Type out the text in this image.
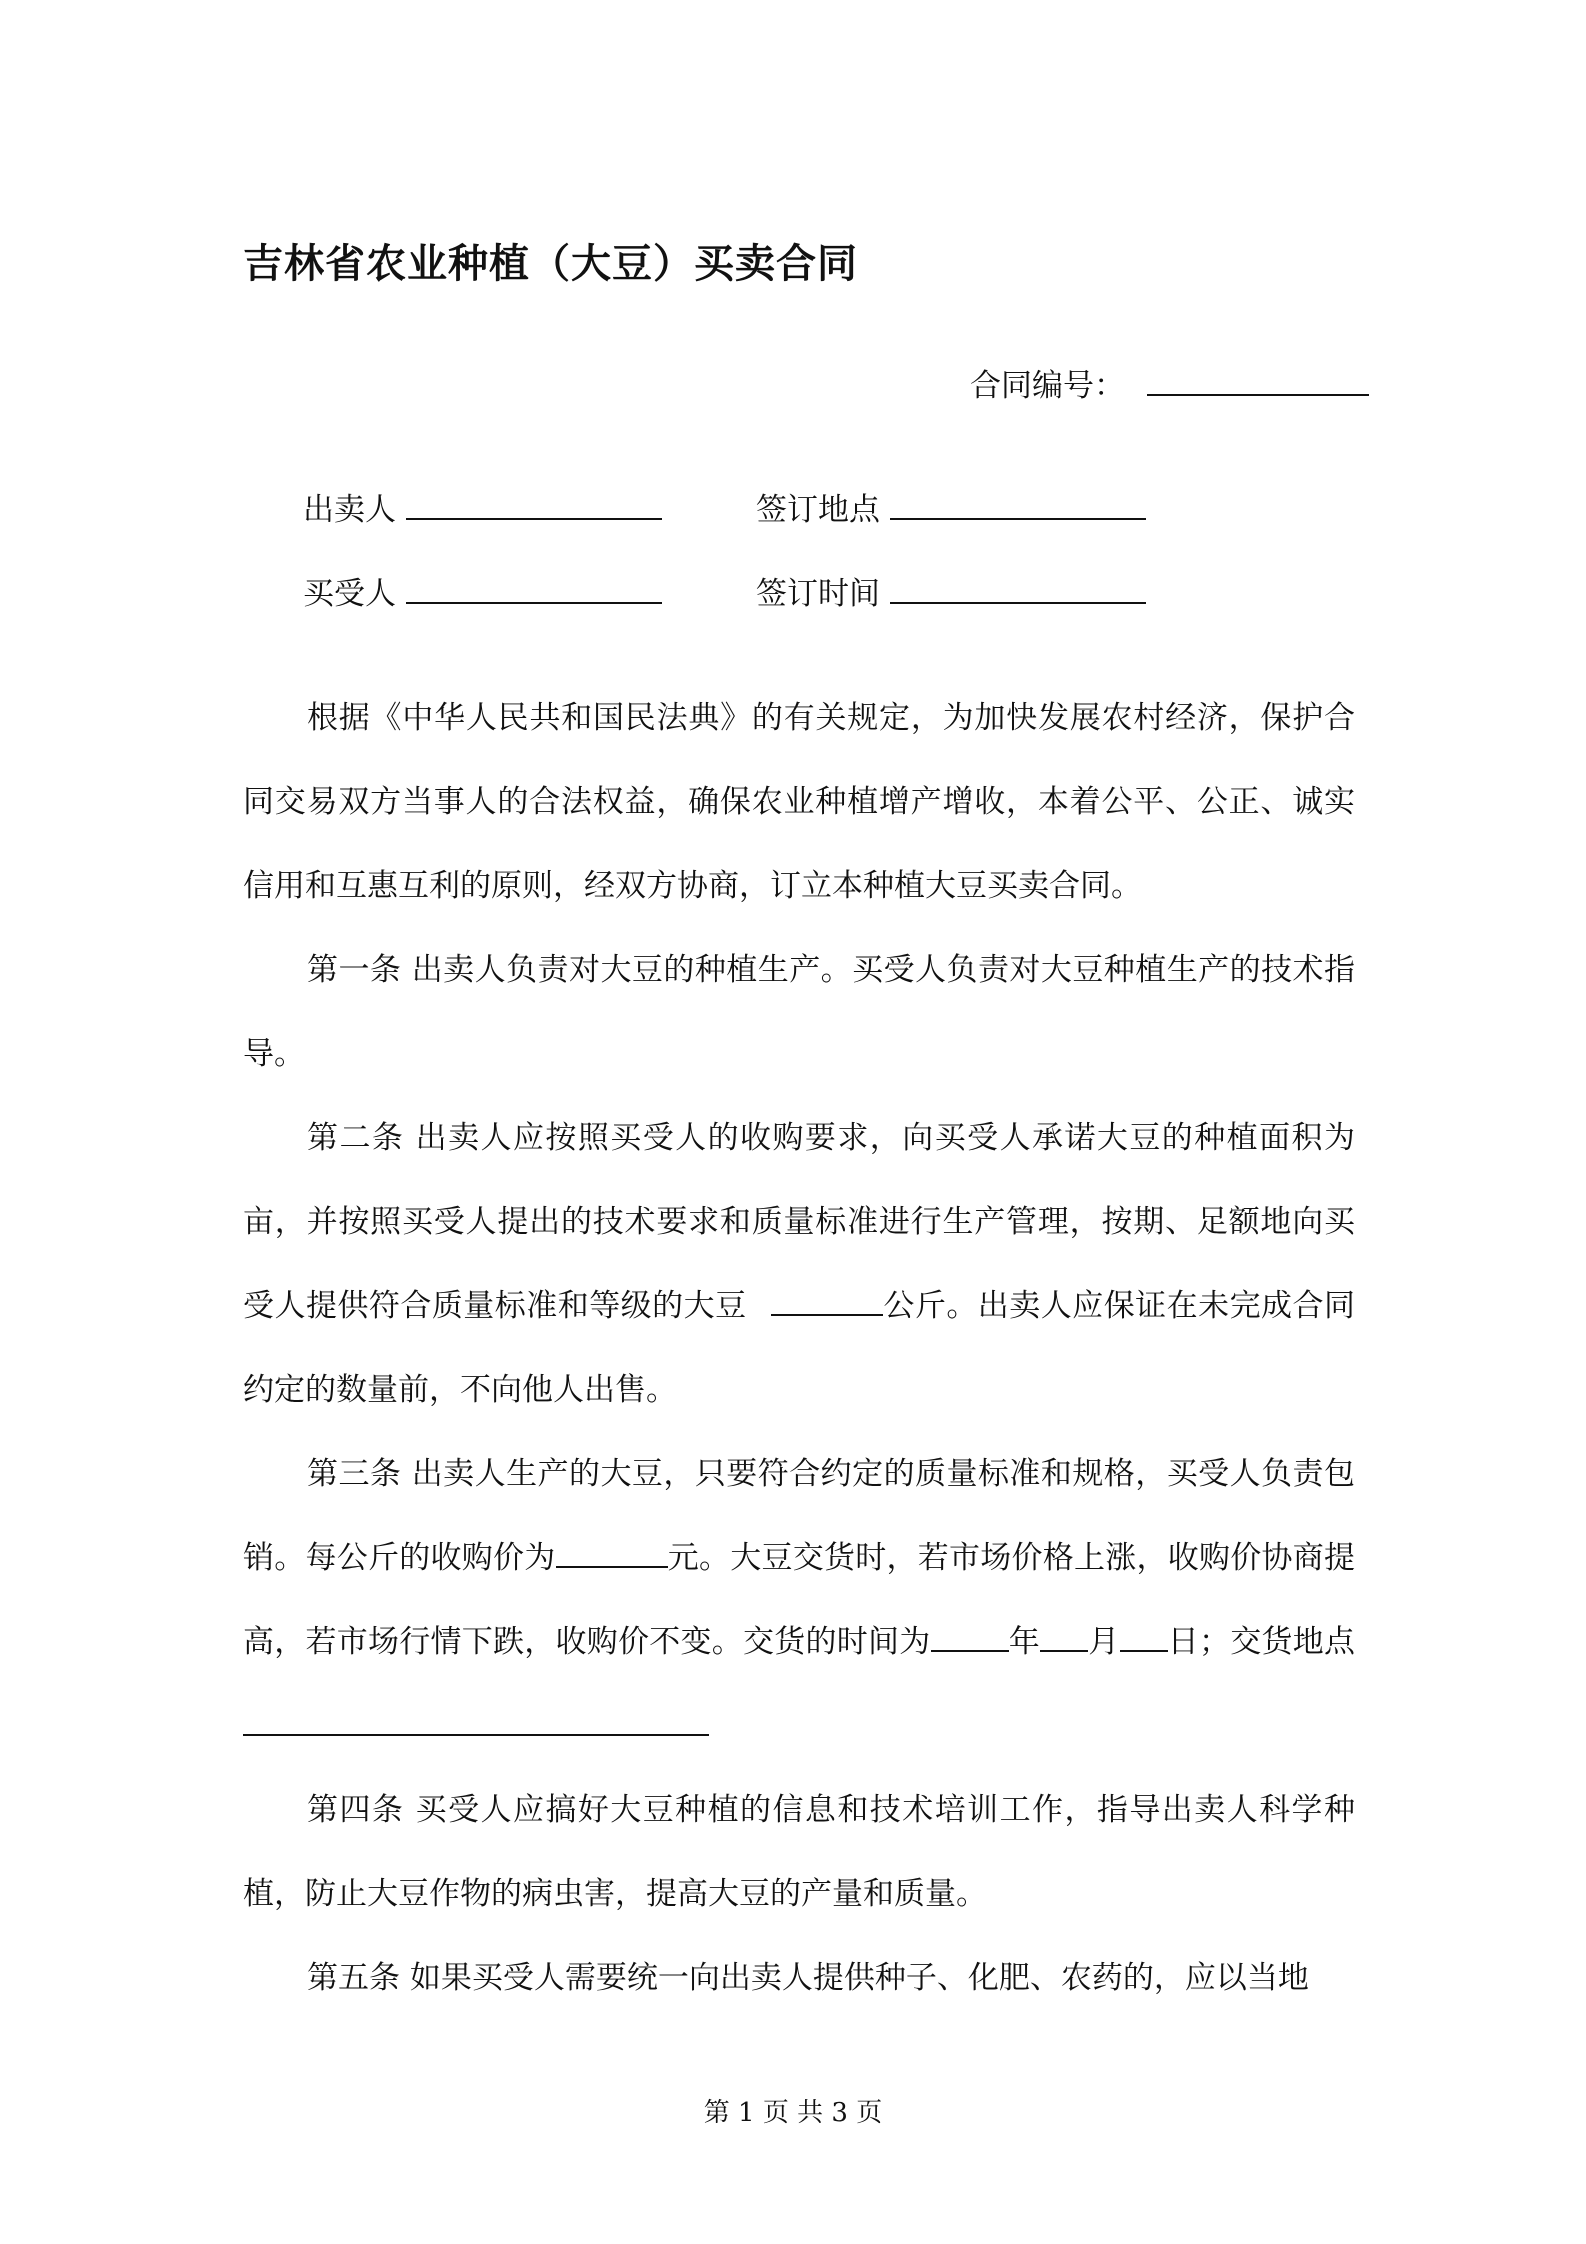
吉林省农业种植（大豆）买卖合同
合同编号：
出卖人	签订地点
买受人	签订时间

根据《中华人民共和国民法典》的有关规定，为加快发展农村经济，保护合同交易双方当事人的合法权益，确保农业种植增产增收，本着公平、公正、诚实信用和互惠互利的原则，经双方协商，订立本种植大豆买卖合同。

第一条 出卖人负责对大豆的种植生产。买受人负责对大豆种植生产的技术指导。

第二条 出卖人应按照买受人的收购要求，向买受人承诺大豆的种植面积为亩，并按照买受人提出的技术要求和质量标准进行生产管理，按期、足额地向买受人提供符合质量标准和等级的大豆	公斤。出卖人应保证在未完成合同约定的数量前，不向他人出售。

第三条 出卖人生产的大豆，只要符合约定的质量标准和规格，买受人负责包销。每公斤的收购价为	元。大豆交货时，若市场价格上涨，收购价协商提高，若市场行情下跌，收购价不变。交货的时间为	年 月 日；交货地点

第四条 买受人应搞好大豆种植的信息和技术培训工作，指导出卖人科学种植，防止大豆作物的病虫害，提高大豆的产量和质量。

第五条 如果买受人需要统一向出卖人提供种子、化肥、农药的，应以当地

第 1 页 共 3 页
